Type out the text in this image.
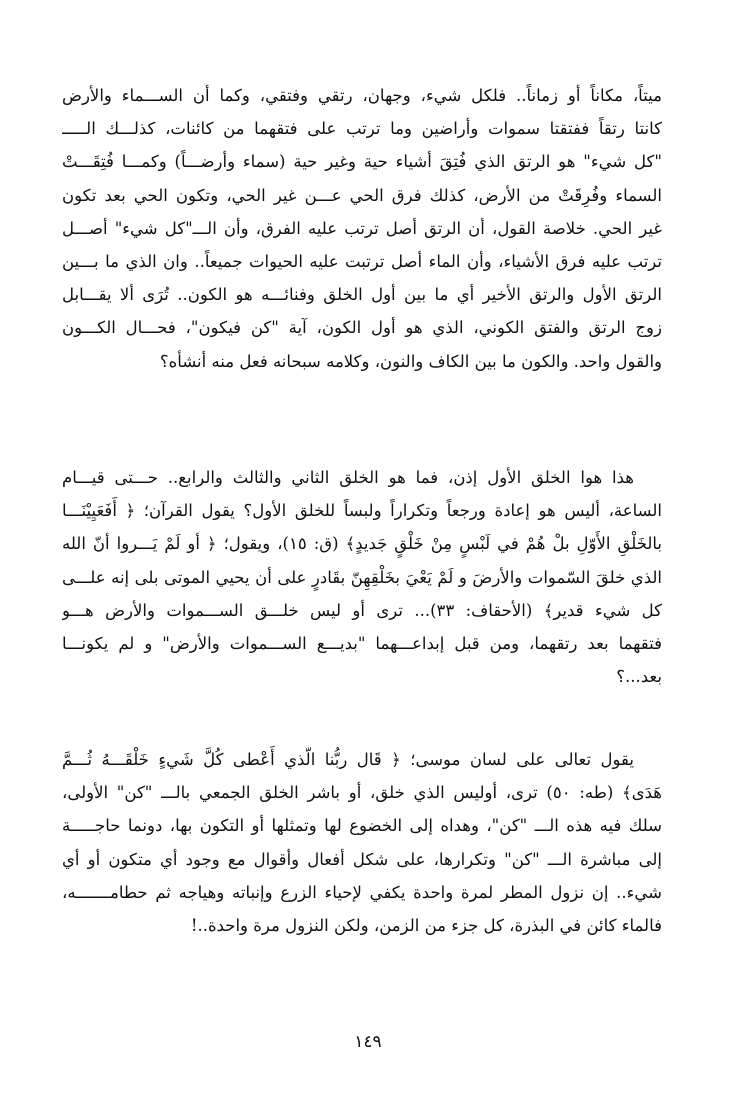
ميتاً، مكاناً أو زماناً.. فلكل شيء، وجهان، رتقي وفتقي، وكما أن الســـماء والأرض
كانتا رتقاً ففتقتا سموات وأراضين وما ترتب على فتقهما من كائنات، كذلـــك الـــــ
"كل شيء" هو الرتق الذي فُتِقَ أشياء حية وغير حية (سماء وأرضـــاً) وكمـــا فُتِقَـــتْ
السماء وفُرِقَتْ من الأرض، كذلك فرق الحي عـــن غير الحي، وتكون الحي بعد تكون
غير الحي. خلاصة القول، أن الرتق أصل ترتب عليه الفرق، وأن الـــ"كل شيء" أصـــل
ترتب عليه فرق الأشياء، وأن الماء أصل ترتبت عليه الحيوات جميعاً.. وان الذي ما بـــين
الرتق الأول والرتق الأخير أي ما بين أول الخلق وفنائـــه هو الكون.. تُرَى ألا يقـــابل
زوج الرتق والفتق الكوني، الذي هو أول الكون، آية "كن فيكون"، فحـــال الكـــون
والقول واحد. والكون ما بين الكاف والنون، وكلامه سبحانه فعل منه أنشأه؟
هذا هوا الخلق الأول إذن، فما هو الخلق الثاني والثالث والرابع.. حـــتى قيـــام
الساعة، أليس هو إعادة ورجعاً وتكراراً ولبساً للخلق الأول؟ يقول القرآن؛ ﴿ أَفَعَيِيْنَـــا
بالخَلْقِ الأَوّلِ بلْ هُمْ في لَبْسٍ مِنْ خَلْقٍ جَديدٍ﴾ (ق: ١٥)، ويقول؛ ﴿ أو لَمْ يَـــروا أنّ الله
الذي خلقَ السّموات والأرضَ و لَمْ يَعْيَ بخَلْقِهِنّ بقَادرٍ على أن يحيي الموتى بلى إنه علـــى
كل شيء قدير﴾ (الأحقاف: ٣٣)... ترى أو ليس خلـــق الســـموات والأرض هـــو
فتقهما بعد رتقهما، ومن قبل إبداعـــهما "بديـــع الســـموات والأرض" و لم يكونـــا
بعد...؟
يقول تعالى على لسان موسى؛ ﴿ قَال ربُّنا الّذي أَعْطى كُلَّ شَيءٍ خَلْقَـــهُ ثُـــمَّ
هَدَى﴾ (طه: ٥٠) ترى، أوليس الذي خلق، أو باشر الخلق الجمعي بالـــ "كن" الأولى،
سلك فيه هذه الـــ "كن"، وهداه إلى الخضوع لها وتمثلها أو التكون بها، دونما حاجـــــة
إلى مباشرة الـــ "كن" وتكرارها، على شكل أفعال وأقوال مع وجود أي متكون أو أي
شيء.. إن نزول المطر لمرة واحدة يكفي لإحياء الزرع وإنباته وهياجه ثم حطامـــــــه،
فالماء كائن في البذرة، كل جزء من الزمن، ولكن النزول مرة واحدة..!
١٤٩
